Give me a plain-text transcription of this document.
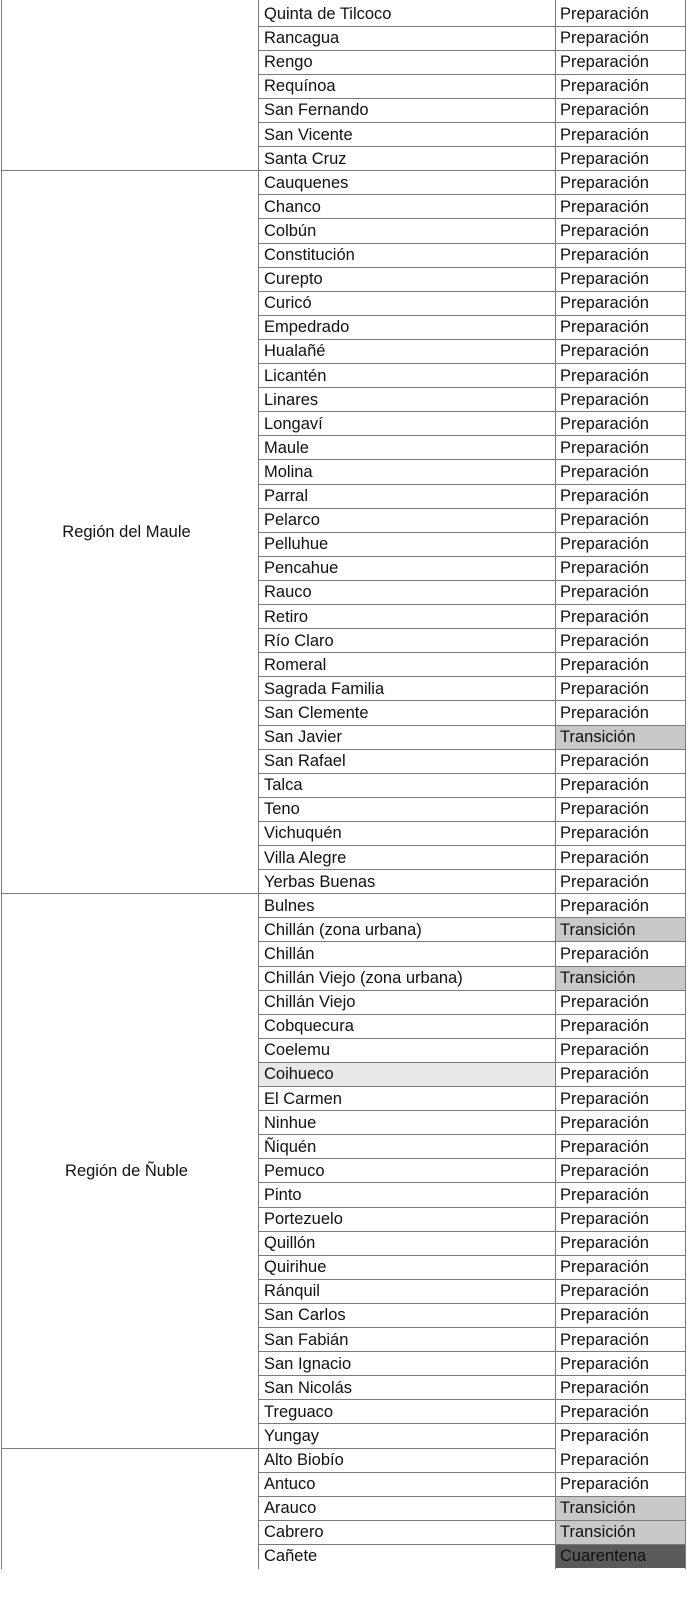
Quinta de Tilcoco	Preparación
Rancagua	Preparación
Rengo	Preparación
Requínoa	Preparación
San Fernando	Preparación
San Vicente	Preparación
Santa Cruz	Preparación
Región del Maule
Cauquenes	Preparación
Chanco	Preparación
Colbún	Preparación
Constitución	Preparación
Curepto	Preparación
Curicó	Preparación
Empedrado	Preparación
Hualañé	Preparación
Licantén	Preparación
Linares	Preparación
Longaví	Preparación
Maule	Preparación
Molina	Preparación
Parral	Preparación
Pelarco	Preparación
Pelluhue	Preparación
Pencahue	Preparación
Rauco	Preparación
Retiro	Preparación
Río Claro	Preparación
Romeral	Preparación
Sagrada Familia	Preparación
San Clemente	Preparación
San Javier	Transición
San Rafael	Preparación
Talca	Preparación
Teno	Preparación
Vichuquén	Preparación
Villa Alegre	Preparación
Yerbas Buenas	Preparación
Región de Ñuble
Bulnes	Preparación
Chillán (zona urbana)	Transición
Chillán	Preparación
Chillán Viejo (zona urbana)	Transición
Chillán Viejo	Preparación
Cobquecura	Preparación
Coelemu	Preparación
Coihueco	Preparación
El Carmen	Preparación
Ninhue	Preparación
Ñiquén	Preparación
Pemuco	Preparación
Pinto	Preparación
Portezuelo	Preparación
Quillón	Preparación
Quirihue	Preparación
Ránquil	Preparación
San Carlos	Preparación
San Fabián	Preparación
San Ignacio	Preparación
San Nicolás	Preparación
Treguaco	Preparación
Yungay	Preparación
Alto Biobío	Preparación
Antuco	Preparación
Arauco	Transición
Cabrero	Transición
Cañete	Cuarentena
